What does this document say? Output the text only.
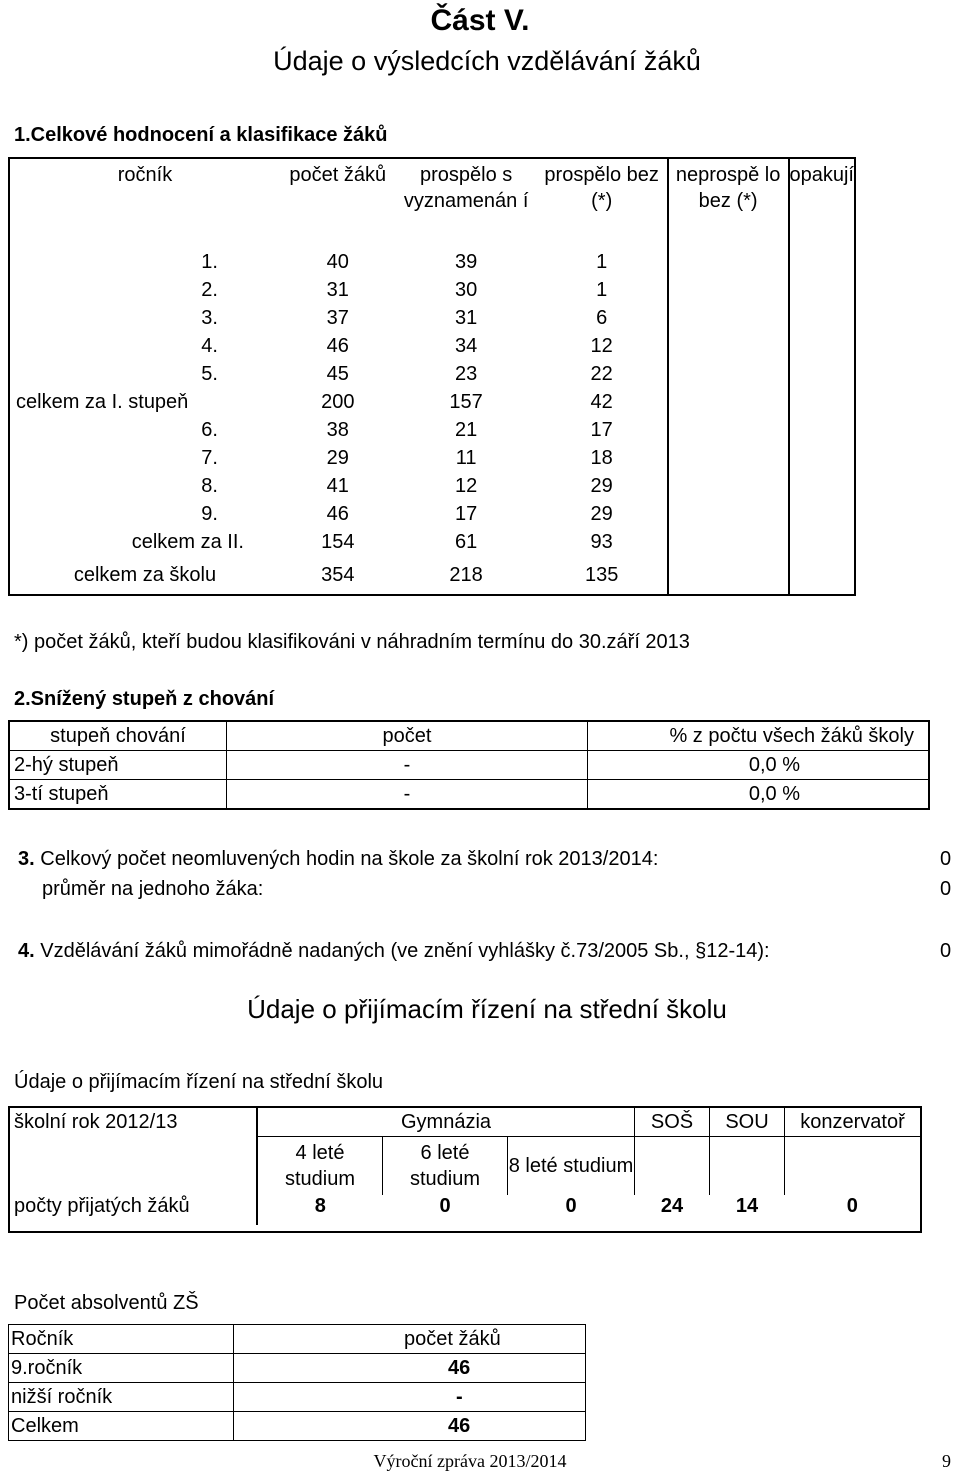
Část V.
Údaje o výsledcích vzdělávání žáků
1.Celkové hodnocení a klasifikace žáků
ročník	počet žáků	prospělo s vyznamenán í	prospělo bez (*)	neprospě lo bez (*)	opakují
1.	40	39	1		
2.	31	30	1		
3.	37	31	6		
4.	46	34	12		
5.	45	23	22		
celkem za I. stupeň	200	157	42		
6.	38	21	17		
7.	29	11	18		
8.	41	12	29		
9.	46	17	29		
celkem za II.	154	61	93		
celkem za školu	354	218	135		
*) počet žáků, kteří budou klasifikováni v náhradním termínu do 30.září 2013
2.Snížený stupeň z chování
stupeň chování	počet	% z počtu všech žáků školy
2-hý stupeň	-	0,0 %
3-tí stupeň	-	0,0 %
3. Celkový počet neomluvených hodin na škole za školní rok 2013/2014:	0
průměr na jednoho žáka:	0
4. Vzdělávání žáků mimořádně nadaných (ve znění vyhlášky č.73/2005 Sb., §12-14):	0
Údaje o přijímacím řízení na střední školu
Údaje o přijímacím řízení na střední školu
školní rok 2012/13	Gymnázia			SOŠ	SOU	konzervatoř
	4 leté studium	6 leté studium	8 leté studium			
počty přijatých žáků	8	0	0	24	14	0

Počet absolventů ZŠ
Ročník	počet žáků
9.ročník	46
nižší ročník	-
Celkem	46
Výroční zpráva 2013/2014	9
